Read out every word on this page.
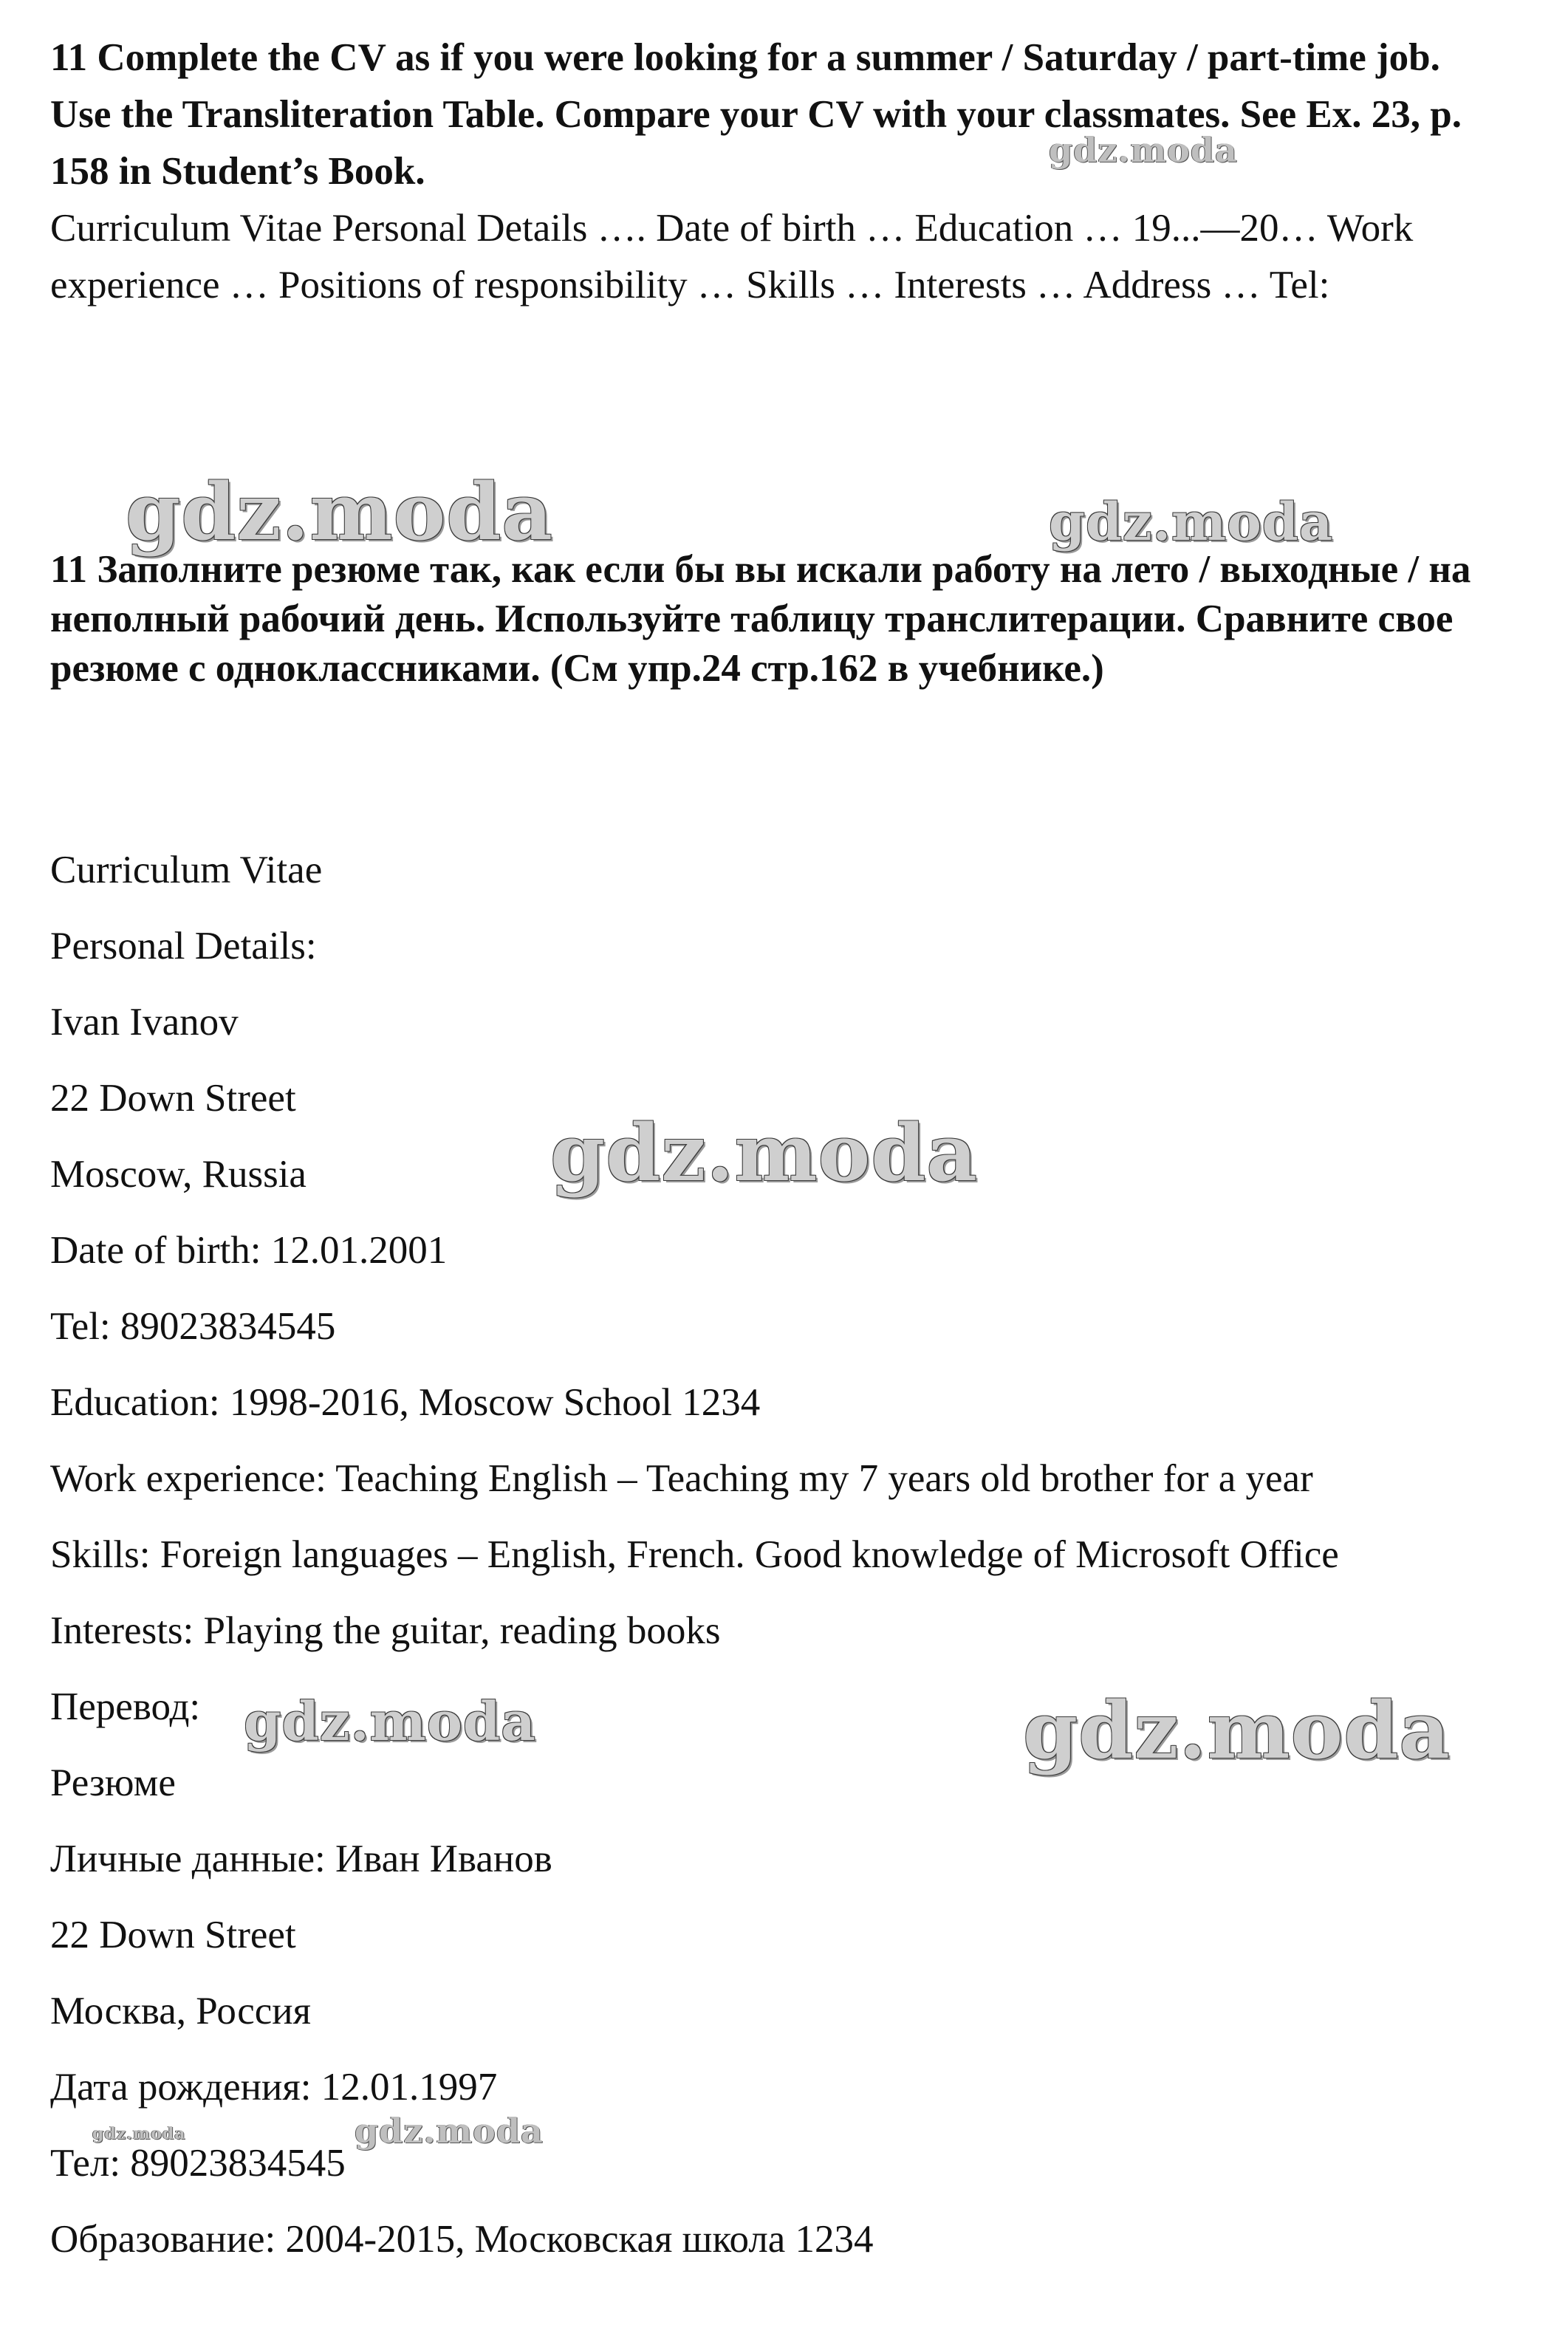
11 Complete the CV as if you were looking for a summer / Saturday / part-time job. Use the Transliteration Table. Compare your CV with your classmates. See Ex. 23, p. 158 in Student’s Book.

Curriculum Vitae Personal Details …. Date of birth … Education … 19...—20… Work experience … Positions of responsibility … Skills … Interests … Address … Tel:

11 Заполните резюме так, как если бы вы искали работу на лето / выходные / на неполный рабочий день. Используйте таблицу транслитерации. Сравните свое резюме с одноклассниками. (См упр.24 стр.162 в учебнике.)

Curriculum Vitae

Personal Details:

Ivan Ivanov

22 Down Street

Moscow, Russia

Date of birth: 12.01.2001

Tel: 89023834545

Education: 1998-2016, Moscow School 1234

Work experience: Teaching English – Teaching my 7 years old brother for a year

Skills: Foreign languages – English, French. Good knowledge of Microsoft Office

Interests: Playing the guitar, reading books

Перевод:

Резюме

Личные данные: Иван Иванов

22 Down Street

Москва, Россия

Дата рождения: 12.01.1997

Тел: 89023834545

Образование: 2004-2015, Московская школа 1234

gdz.moda
gdz.moda	gdz.moda
gdz.moda
gdz.moda	gdz.moda
gdz.moda	gdz.moda
